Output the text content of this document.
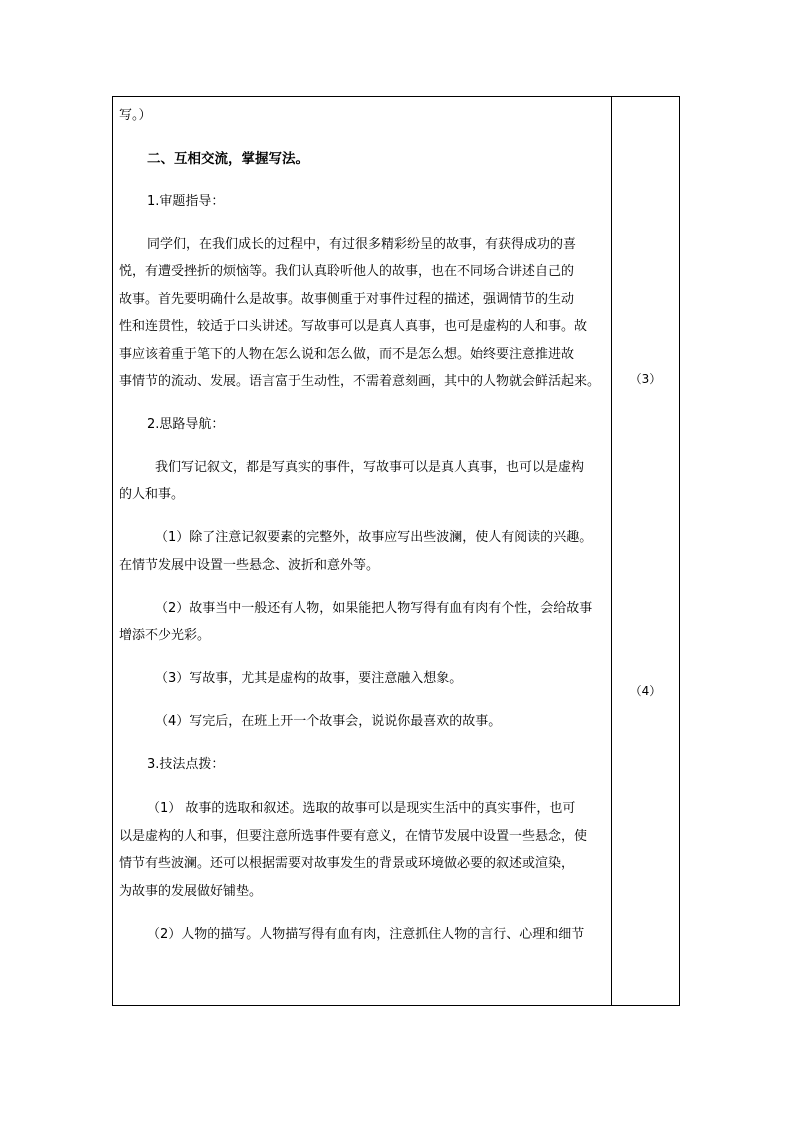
写。）
二、互相交流，掌握写法。
1.审题指导：
同学们，在我们成长的过程中，有过很多精彩纷呈的故事，有获得成功的喜
悦，有遭受挫折的烦恼等。我们认真聆听他人的故事，也在不同场合讲述自己的
故事。首先要明确什么是故事。故事侧重于对事件过程的描述，强调情节的生动
性和连贯性，较适于口头讲述。写故事可以是真人真事，也可是虚构的人和事。故
事应该着重于笔下的人物在怎么说和怎么做，而不是怎么想。始终要注意推进故
事情节的流动、发展。语言富于生动性，不需着意刻画，其中的人物就会鲜活起来。
2.思路导航：
我们写记叙文，都是写真实的事件，写故事可以是真人真事，也可以是虚构
的人和事。
（1）除了注意记叙要素的完整外，故事应写出些波澜，使人有阅读的兴趣。
在情节发展中设置一些悬念、波折和意外等。
（2）故事当中一般还有人物，如果能把人物写得有血有肉有个性，会给故事
增添不少光彩。
（3）写故事，尤其是虚构的故事，要注意融入想象。
（4）写完后，在班上开一个故事会，说说你最喜欢的故事。
3.技法点拨：
（1） 故事的选取和叙述。选取的故事可以是现实生活中的真实事件，也可
以是虚构的人和事，但要注意所选事件要有意义，在情节发展中设置一些悬念，使
情节有些波澜。还可以根据需要对故事发生的背景或环境做必要的叙述或渲染，
为故事的发展做好铺垫。
（2）人物的描写。人物描写得有血有肉，注意抓住人物的言行、心理和细节
（3）
（4）
